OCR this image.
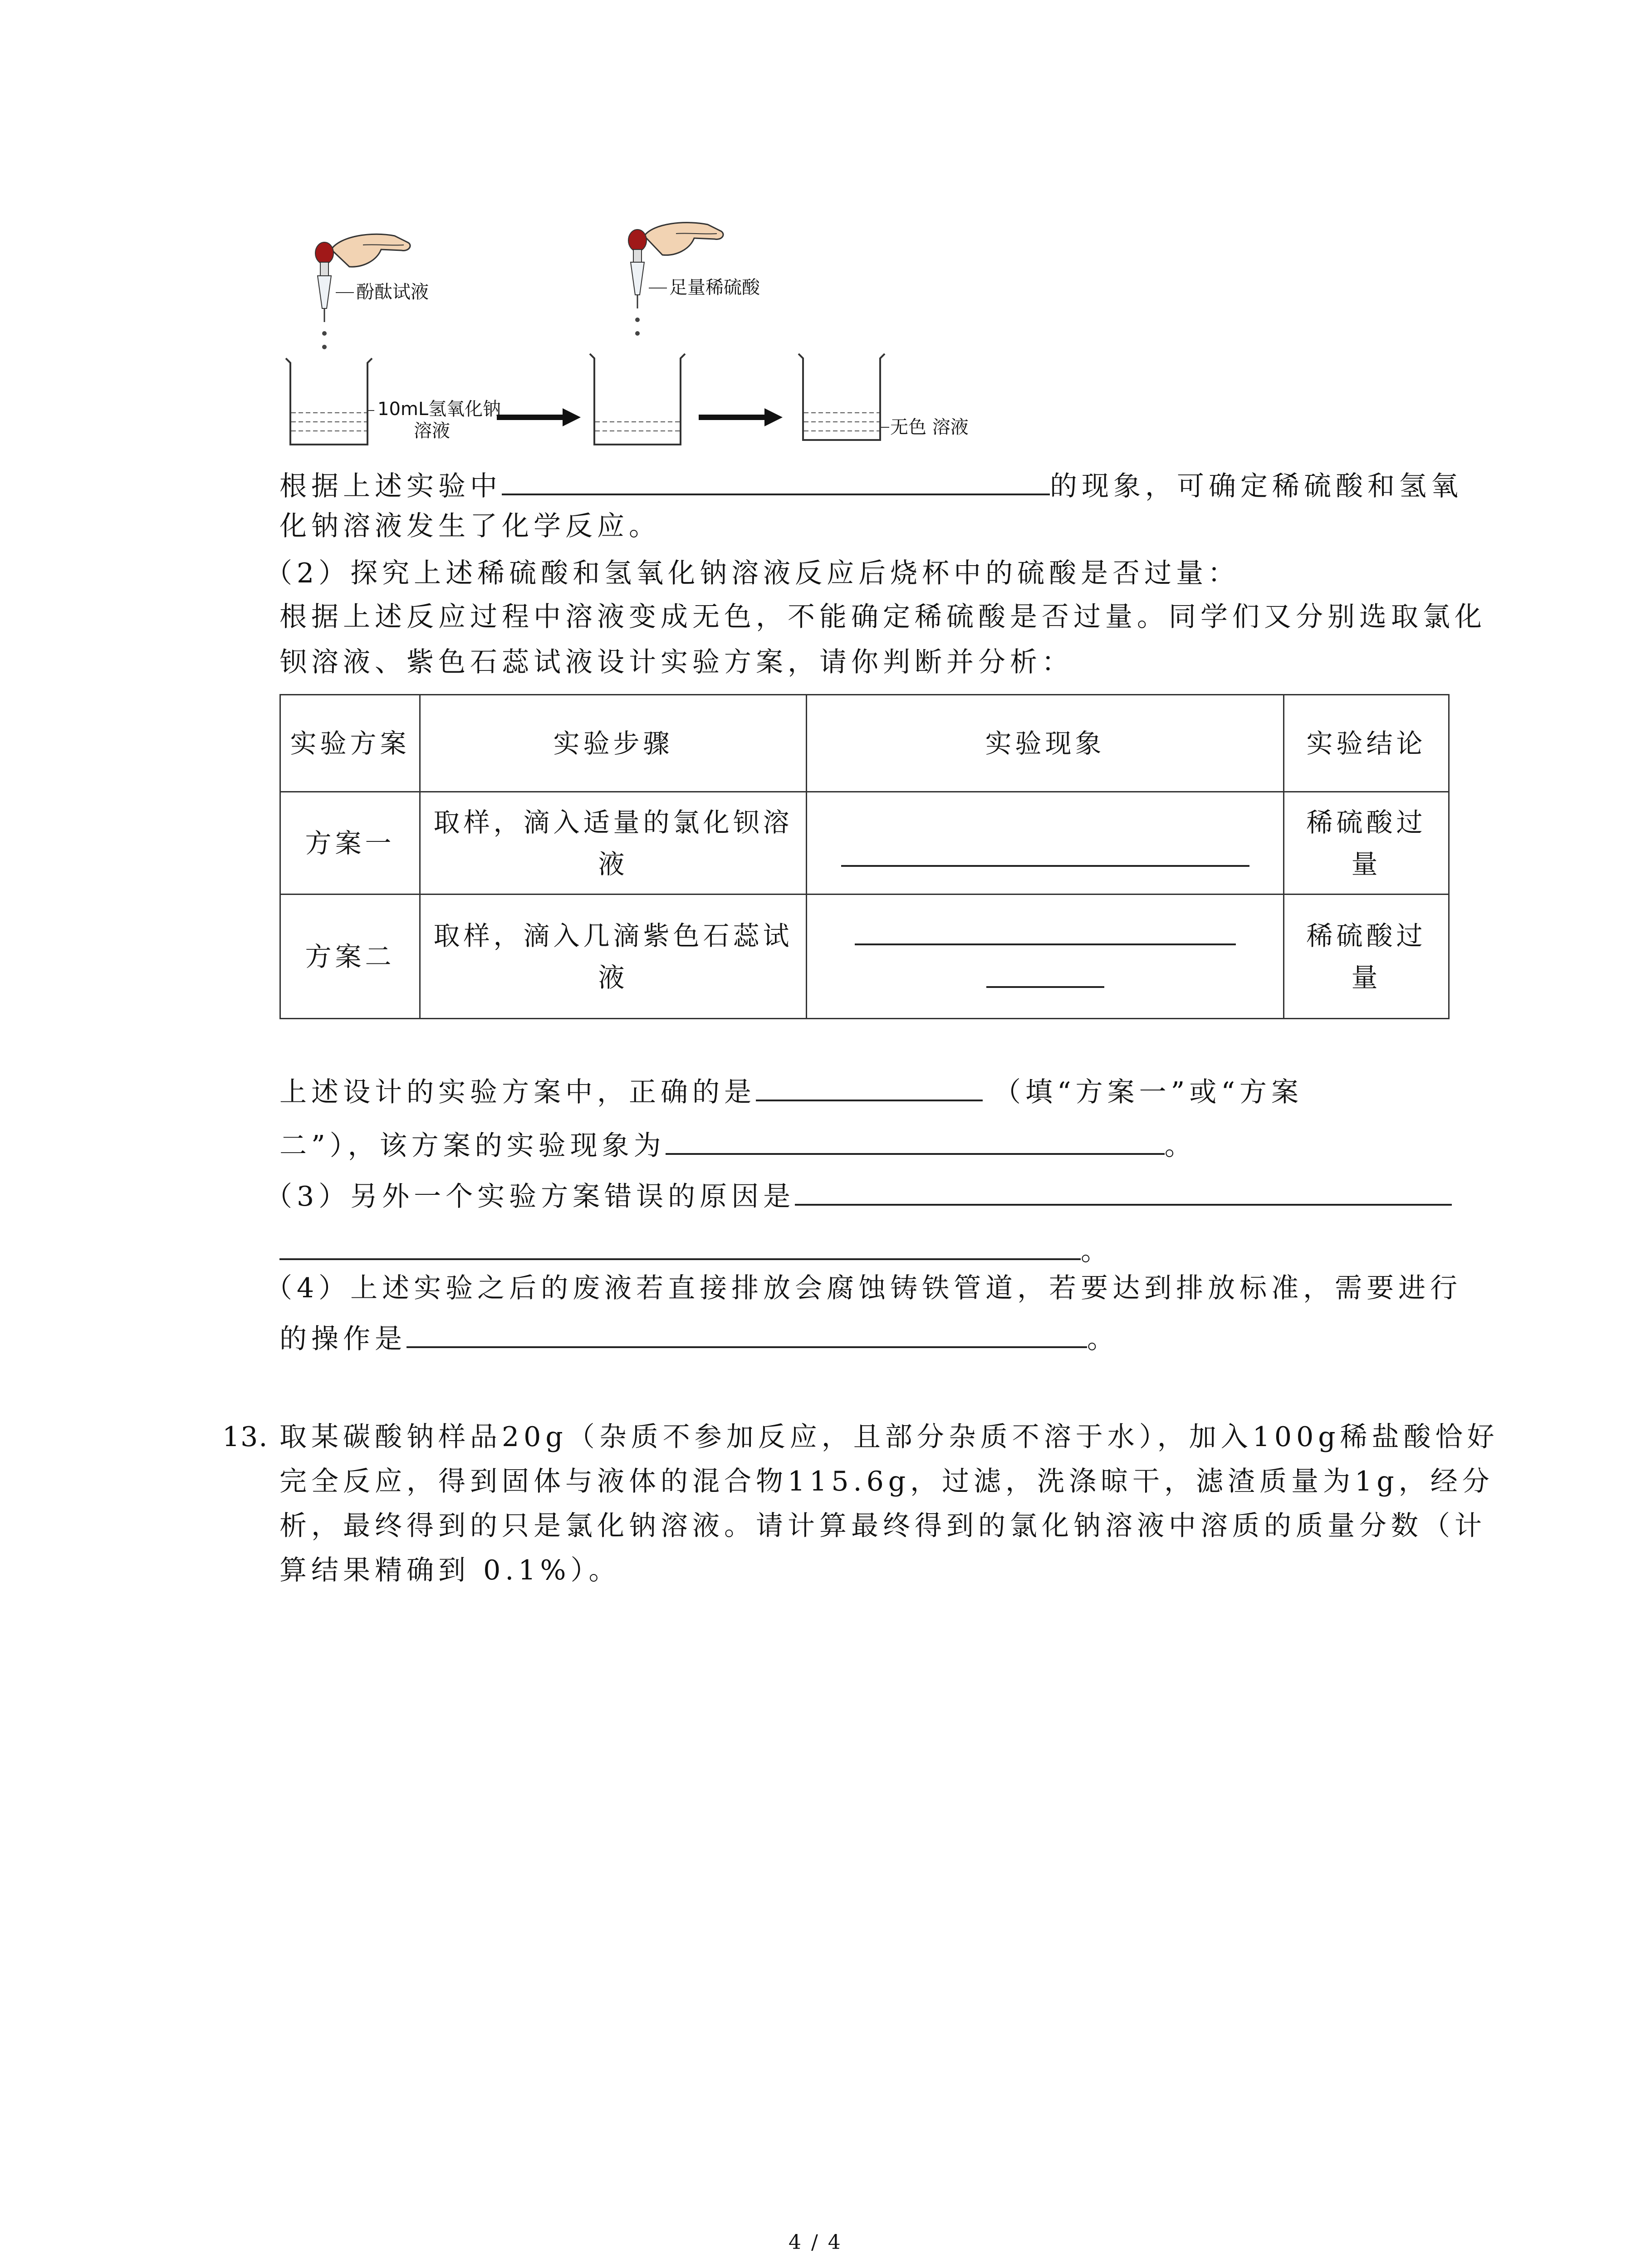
酚酞试液	足量稀硫酸
10mL氢氧化钠
溶液	无色 溶液
根据上述实验中	的现象，可确定稀硫酸和氢氧
化钠溶液发生了化学反应。
（2）探究上述稀硫酸和氢氧化钠溶液反应后烧杯中的硫酸是否过量：
根据上述反应过程中溶液变成无色，不能确定稀硫酸是否过量。同学们又分别选取氯化
钡溶液、紫色石蕊试液设计实验方案，请你判断并分析：
实验方案	实验步骤	实验现象	实验结论
方案一	取样，滴入适量的氯化钡溶液		稀硫酸过量
方案二	取样，滴入几滴紫色石蕊试液		稀硫酸过量
上述设计的实验方案中，正确的是	（填“方案一”或“方案
二”），该方案的实验现象为	。
（3）另外一个实验方案错误的原因是
。
（4）上述实验之后的废液若直接排放会腐蚀铸铁管道，若要达到排放标准，需要进行
的操作是	。
13. 取某碳酸钠样品20g（杂质不参加反应，且部分杂质不溶于水），加入100g稀盐酸恰好
完全反应，得到固体与液体的混合物115.6g，过滤，洗涤晾干，滤渣质量为1g，经分
析，最终得到的只是氯化钠溶液。请计算最终得到的氯化钠溶液中溶质的质量分数（计
算结果精确到 0.1%）。
4 / 4
